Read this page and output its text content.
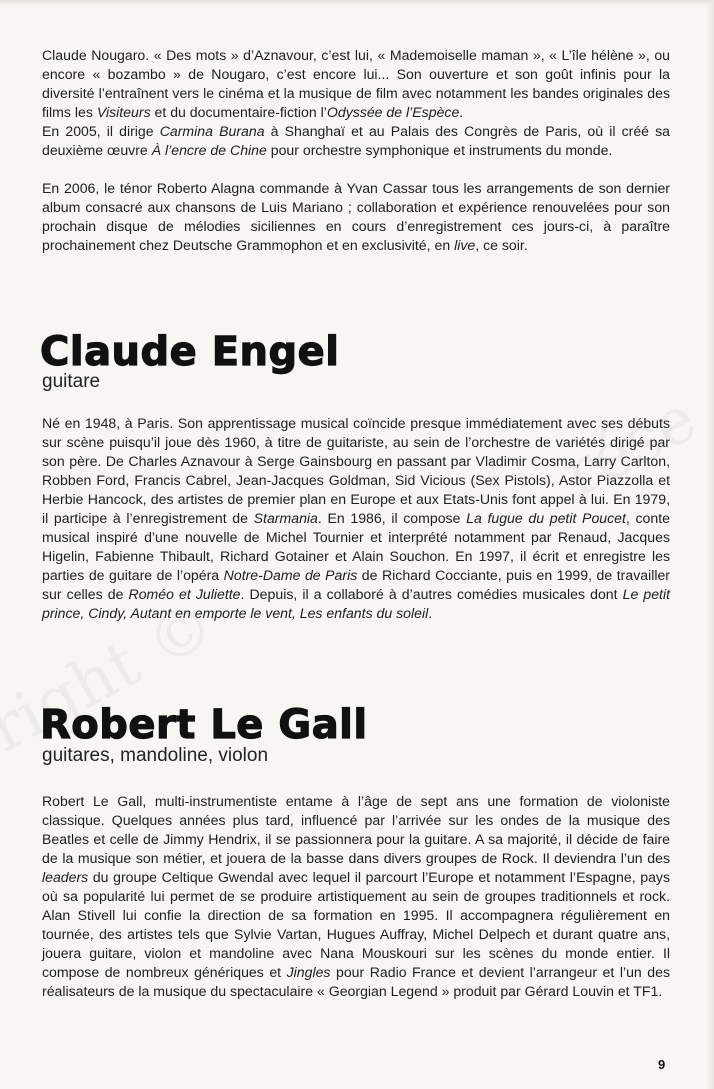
Claude Nougaro. « Des mots » d’Aznavour, c’est lui, « Mademoiselle maman », « L’île hélène », ou encore « bozambo » de Nougaro, c’est encore lui... Son ouverture et son goût infinis pour la diversité l’entraînent vers le cinéma et la musique de film avec notamment les bandes originales des films les Visiteurs et du documentaire-fiction l’Odyssée de l’Espèce.

En 2005, il dirige Carmina Burana à Shanghaï et au Palais des Congrès de Paris, où il créé sa deuxième œuvre À l’encre de Chine pour orchestre symphonique et instruments du monde.

En 2006, le ténor Roberto Alagna commande à Yvan Cassar tous les arrangements de son dernier album consacré aux chansons de Luis Mariano ; collaboration et expérience renouvelées pour son prochain disque de mélodies siciliennes en cours d’enregistrement ces jours-ci, à paraître prochainement chez Deutsche Grammophon et en exclusivité, en live, ce soir.

Claude Engel
guitare

Né en 1948, à Paris. Son apprentissage musical coïncide presque immédiatement avec ses débuts sur scène puisqu’il joue dès 1960, à titre de guitariste, au sein de l’orchestre de variétés dirigé par son père. De Charles Aznavour à Serge Gainsbourg en passant par Vladimir Cosma, Larry Carlton, Robben Ford, Francis Cabrel, Jean-Jacques Goldman, Sid Vicious (Sex Pistols), Astor Piazzolla et Herbie Hancock, des artistes de premier plan en Europe et aux Etats-Unis font appel à lui. En 1979, il participe à l’enregistrement de Starmania. En 1986, il compose La fugue du petit Poucet, conte musical inspiré d’une nouvelle de Michel Tournier et interprété notamment par Renaud, Jacques Higelin, Fabienne Thibault, Richard Gotainer et Alain Souchon. En 1997, il écrit et enregistre les parties de guitare de l’opéra Notre-Dame de Paris de Richard Cocciante, puis en 1999, de travailler sur celles de Roméo et Juliette. Depuis, il a collaboré à d’autres comédies musicales dont Le petit prince, Cindy, Autant en emporte le vent, Les enfants du soleil.

Robert Le Gall
guitares, mandoline, violon

Robert Le Gall, multi-instrumentiste entame à l’âge de sept ans une formation de violoniste classique. Quelques années plus tard, influencé par l’arrivée sur les ondes de la musique des Beatles et celle de Jimmy Hendrix, il se passionnera pour la guitare. A sa majorité, il décide de faire de la musique son métier, et jouera de la basse dans divers groupes de Rock. Il deviendra l’un des leaders du groupe Celtique Gwendal avec lequel il parcourt l’Europe et notamment l’Espagne, pays où sa popularité lui permet de se produire artistiquement au sein de groupes traditionnels et rock. Alan Stivell lui confie la direction de sa formation en 1995. Il accompagnera régulièrement en tournée, des artistes tels que Sylvie Vartan, Hugues Auffray, Michel Delpech et durant quatre ans, jouera guitare, violon et mandoline avec Nana Mouskouri sur les scènes du monde entier. Il compose de nombreux génériques et Jingles pour Radio France et devient l’arrangeur et l’un des réalisateurs de la musique du spectaculaire « Georgian Legend » produit par Gérard Louvin et TF1.

9
